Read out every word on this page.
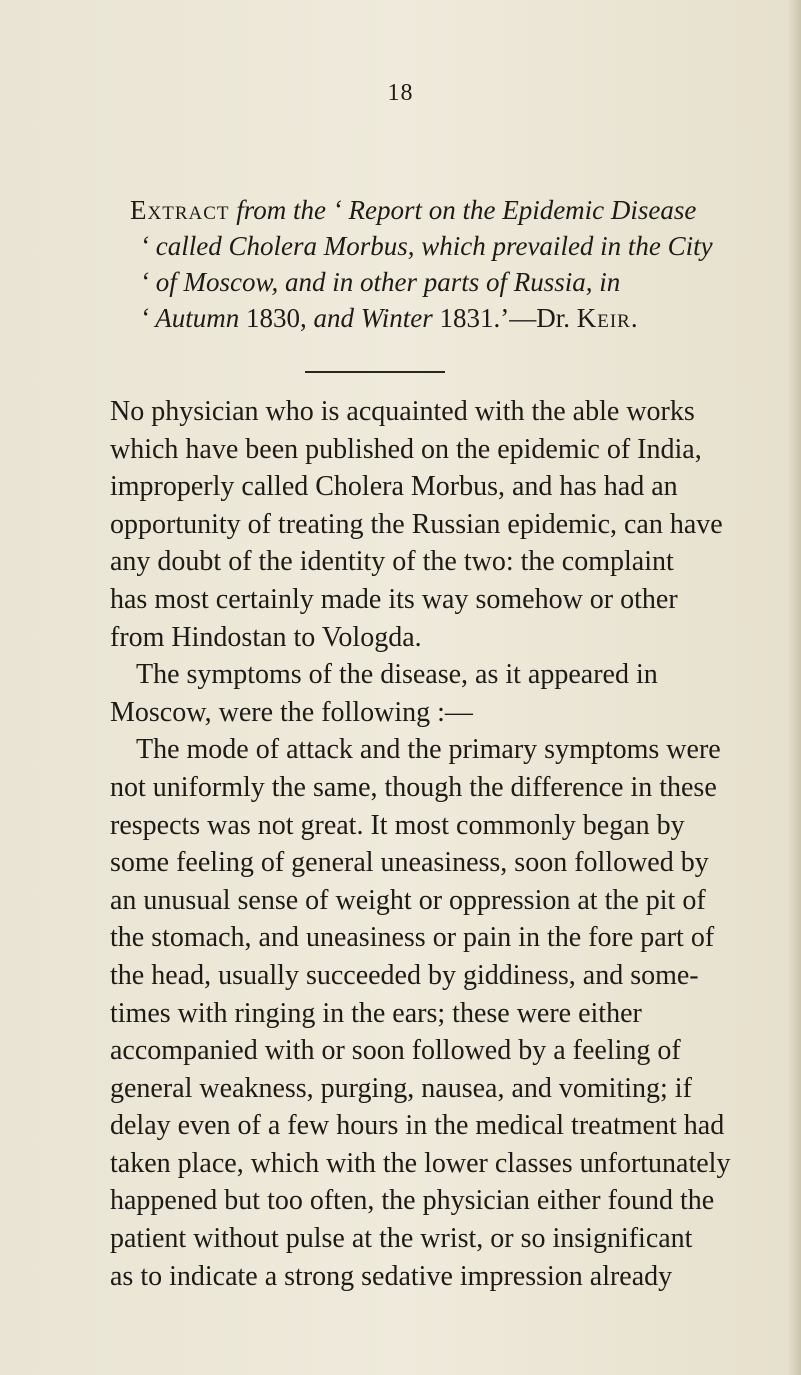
18
Extract from the ‘ Report on the Epidemic Disease
‘ called Cholera Morbus, which prevailed in the City
‘ of Moscow, and in other parts of Russia, in
‘ Autumn 1830, and Winter 1831.’—Dr. Keir.
No physician who is acquainted with the able works
which have been published on the epidemic of India,
improperly called Cholera Morbus, and has had an
opportunity of treating the Russian epidemic, can have
any doubt of the identity of the two: the complaint
has most certainly made its way somehow or other
from Hindostan to Vologda.
The symptoms of the disease, as it appeared in
Moscow, were the following :—
The mode of attack and the primary symptoms were
not uniformly the same, though the difference in these
respects was not great. It most commonly began by
some feeling of general uneasiness, soon followed by
an unusual sense of weight or oppression at the pit of
the stomach, and uneasiness or pain in the fore part of
the head, usually succeeded by giddiness, and some-
times with ringing in the ears; these were either
accompanied with or soon followed by a feeling of
general weakness, purging, nausea, and vomiting; if
delay even of a few hours in the medical treatment had
taken place, which with the lower classes unfortunately
happened but too often, the physician either found the
patient without pulse at the wrist, or so insignificant
as to indicate a strong sedative impression already
